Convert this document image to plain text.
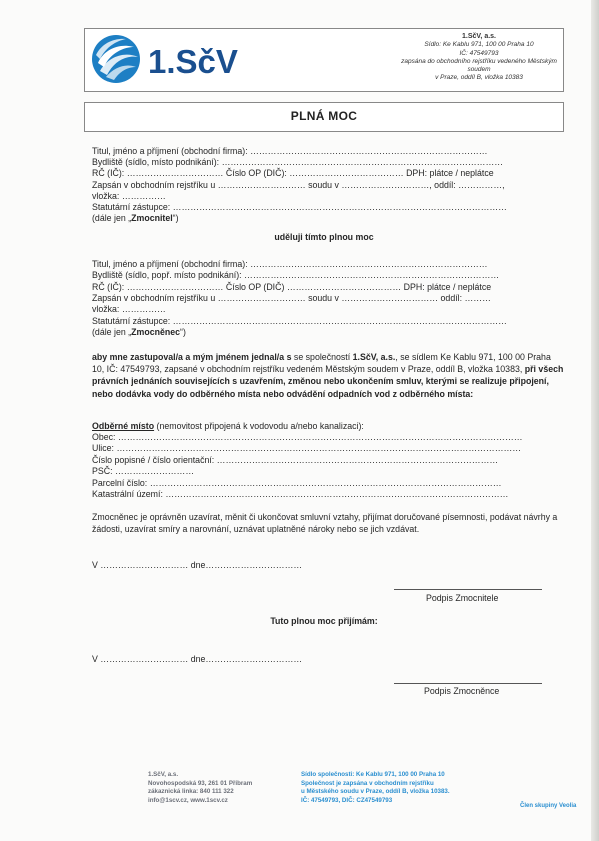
1.SčV
1.SčV, a.s.
Sídlo: Ke Kablu 971, 100 00 Praha 10
IČ: 47549793
zapsána do obchodního rejstříku vedeného Městským soudem
v Praze, oddíl B, vložka 10383
PLNÁ MOC
Titul, jméno a příjmení (obchodní firma): ………………………………………………………………………
Bydliště (sídlo, místo podnikání): ……………………………………………………………………………………
RČ (IČ): …………………………… Číslo OP (DIČ): ………………………………… DPH: plátce / neplátce
Zapsán v obchodním rejstříku u ………………………… soudu v …………………………, oddíl: ……………,
vložka: ……………
Statutární zástupce: ……………………………………………………………………………………………………
(dále jen „Zmocnitel“)
uděluji tímto plnou moc
Titul, jméno a příjmení (obchodní firma): ………………………………………………………………………
Bydliště (sídlo, popř. místo podnikání): ……………………………………………………………………………
RČ (IČ): …………………………… Číslo OP (DIČ) ………………………………… DPH: plátce / neplátce
Zapsán v obchodním rejstříku u ………………………… soudu v …………………………… oddíl: ………
vložka: ……………
Statutární zástupce: ……………………………………………………………………………………………………
(dále jen „Zmocněnec“)
aby mne zastupoval/a a mým jménem jednal/a s se společností 1.SčV, a.s., se sídlem Ke Kablu 971, 100 00 Praha 10, IČ: 47549793, zapsané v obchodním rejstříku vedeném Městským soudem v Praze, oddíl B, vložka 10383, při všech právních jednáních souvisejících s uzavřením, změnou nebo ukončením smluv, kterými se realizuje připojení, nebo dodávka vody do odběrného místa nebo odvádění odpadních vod z odběrného místa:
Odběrné místo (nemovitost připojená k vodovodu a/nebo kanalizaci):
Obec: …………………………………………………………………………………………………………………………
Ulice: …………………………………………………………………………………………………………………………
Číslo popisné / číslo orientační: ……………………………………………………………………………………
PSČ: ………………………
Parcelní číslo: …………………………………………………………………………………………………………
Katastrální území: ………………………………………………………………………………………………………
Zmocněnec je oprávněn uzavírat, měnit či ukončovat smluvní vztahy, přijímat doručované písemnosti, podávat návrhy a žádosti, uzavírat smíry a narovnání, uznávat uplatněné nároky nebo se jich vzdávat.
V ………………………… dne……………………………
Podpis Zmocnitele
Tuto plnou moc přijímám:
V ………………………… dne……………………………
Podpis Zmocněnce
1.SčV, a.s.
Novohospodská 93, 261 01 Příbram
zákaznická linka: 840 111 322
info@1scv.cz, www.1scv.cz
Sídlo společnosti: Ke Kablu 971, 100 00 Praha 10
Společnost je zapsána v obchodním rejstříku
u Městského soudu v Praze, oddíl B, vložka 10383.
IČ: 47549793, DIČ: CZ47549793
Člen skupiny Veolia
